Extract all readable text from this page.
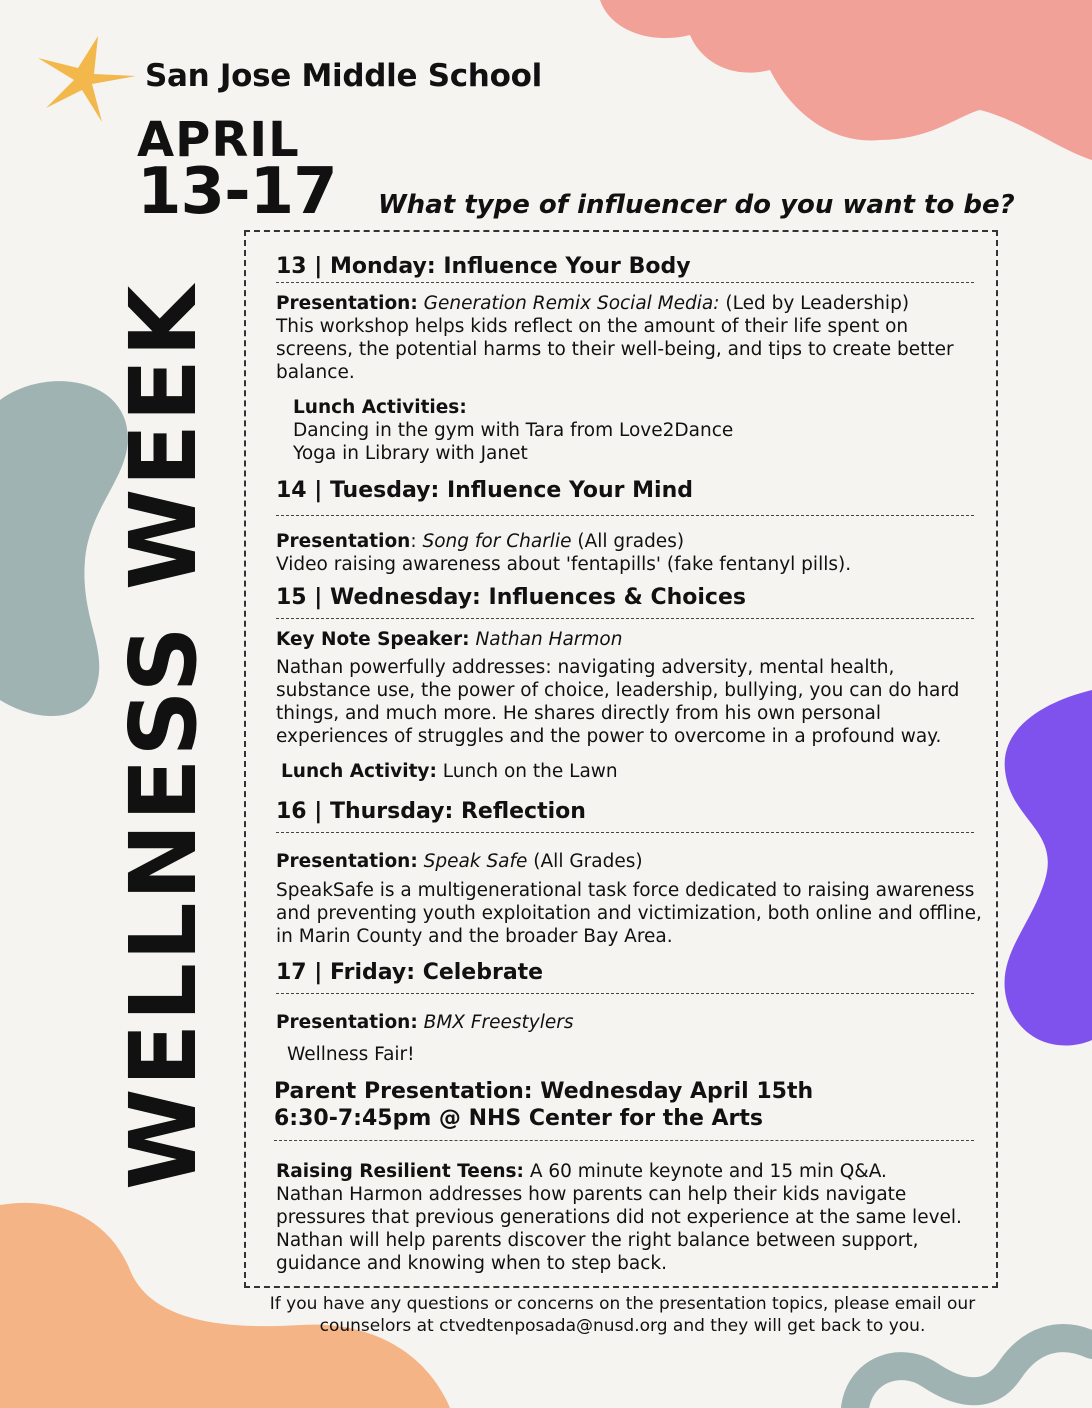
San Jose Middle School
APRIL
13-17 What type of influencer do you want to be?
WELLNESS WEEK
13 | Monday: Influence Your Body
Presentation: Generation Remix Social Media: (Led by Leadership)
This workshop helps kids reflect on the amount of their life spent on screens, the potential harms to their well-being, and tips to create better balance.
Lunch Activities:
Dancing in the gym with Tara from Love2Dance
Yoga in Library with Janet
14 | Tuesday: Influence Your Mind
Presentation: Song for Charlie (All grades)
Video raising awareness about 'fentapills' (fake fentanyl pills).
15 | Wednesday: Influences & Choices
Key Note Speaker: Nathan Harmon
Nathan powerfully addresses: navigating adversity, mental health, substance use, the power of choice, leadership, bullying, you can do hard things, and much more. He shares directly from his own personal experiences of struggles and the power to overcome in a profound way.
Lunch Activity: Lunch on the Lawn
16 | Thursday: Reflection
Presentation: Speak Safe (All Grades)
SpeakSafe is a multigenerational task force dedicated to raising awareness and preventing youth exploitation and victimization, both online and offline, in Marin County and the broader Bay Area.
17 | Friday: Celebrate
Presentation: BMX Freestylers
Wellness Fair!
Parent Presentation: Wednesday April 15th
6:30-7:45pm @ NHS Center for the Arts
Raising Resilient Teens: A 60 minute keynote and 15 min Q&A.
Nathan Harmon addresses how parents can help their kids navigate pressures that previous generations did not experience at the same level. Nathan will help parents discover the right balance between support, guidance and knowing when to step back.
If you have any questions or concerns on the presentation topics, please email our counselors at ctvedtenposada@nusd.org and they will get back to you.
